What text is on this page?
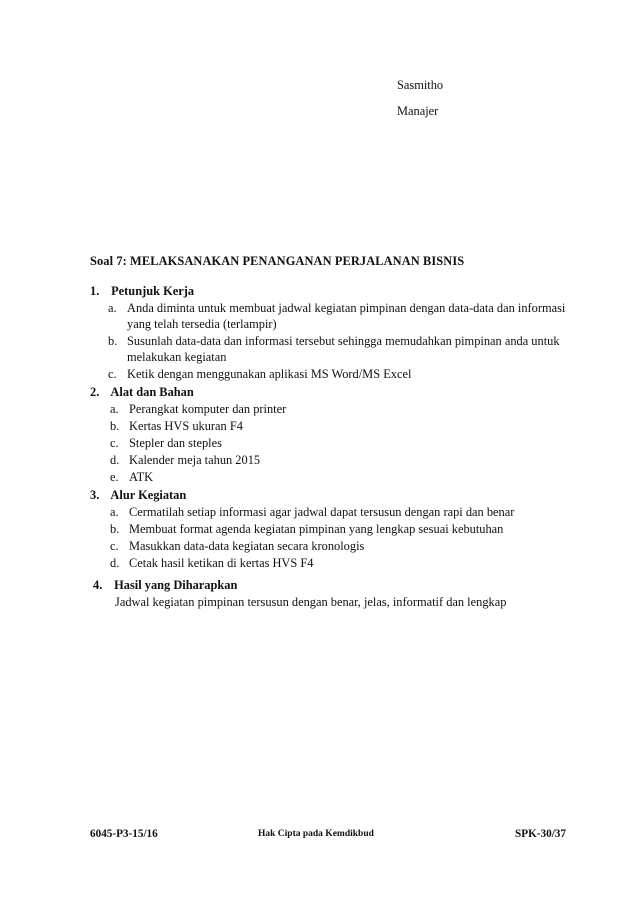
Sasmitho
Manajer
Soal 7: MELAKSANAKAN PENANGANAN PERJALANAN BISNIS
1. Petunjuk Kerja
a. Anda diminta untuk membuat jadwal kegiatan pimpinan dengan data-data dan informasi yang telah tersedia (terlampir)
b. Susunlah data-data dan informasi tersebut sehingga memudahkan pimpinan anda untuk melakukan kegiatan
c. Ketik dengan menggunakan aplikasi MS Word/MS Excel
2. Alat dan Bahan
a. Perangkat komputer dan printer
b. Kertas HVS ukuran F4
c. Stepler dan steples
d. Kalender meja tahun 2015
e. ATK
3. Alur Kegiatan
a. Cermatilah setiap informasi agar jadwal dapat tersusun dengan rapi dan benar
b. Membuat format agenda kegiatan pimpinan yang lengkap sesuai kebutuhan
c. Masukkan data-data kegiatan secara kronologis
d. Cetak hasil ketikan di kertas HVS F4
4. Hasil yang Diharapkan
Jadwal kegiatan pimpinan tersusun dengan benar, jelas, informatif dan lengkap
6045-P3-15/16	Hak Cipta pada Kemdikbud	SPK-30/37
